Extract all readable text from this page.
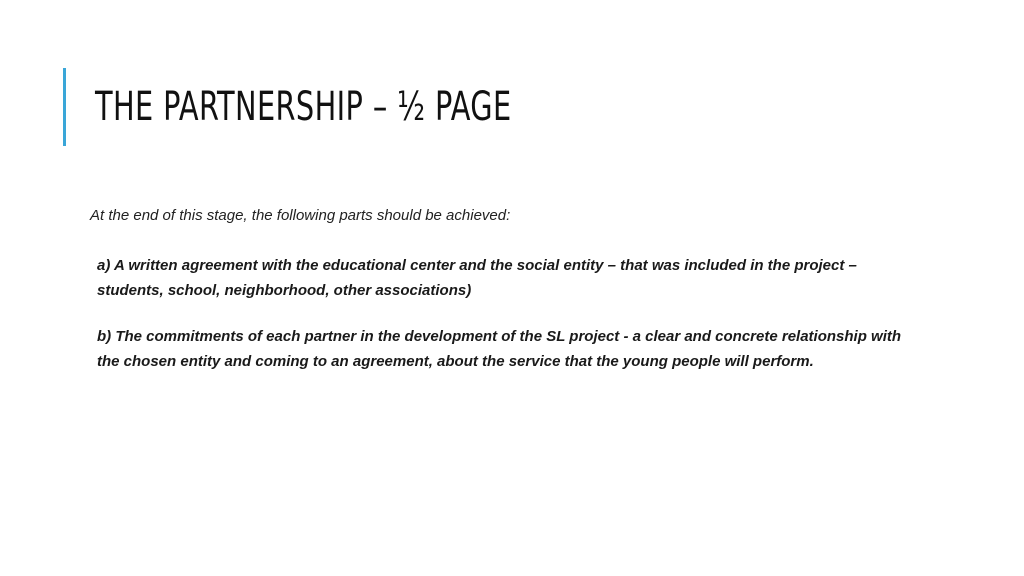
THE PARTNERSHIP – ½ PAGE

At the end of this stage, the following parts should be achieved:

a) A written agreement with the educational center and the social entity – that was included in the project – students, school, neighborhood, other associations)

b) The commitments of each partner in the development of the SL project - a clear and concrete relationship with the chosen entity and coming to an agreement, about the service that the young people will perform.
